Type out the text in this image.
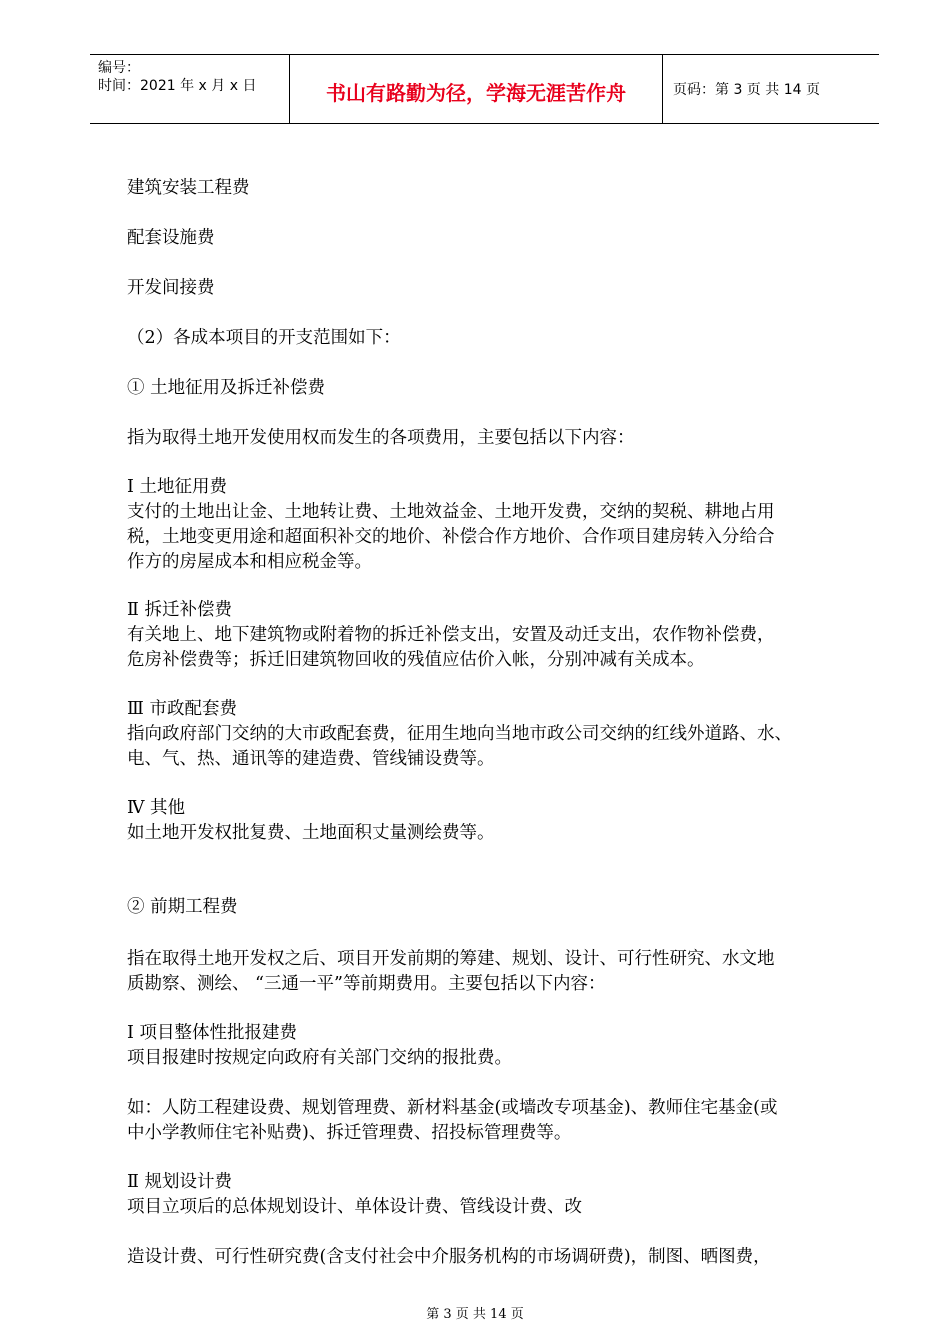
编号：
时间：2021 年 x 月 x 日	书山有路勤为径，学海无涯苦作舟	页码：第 3 页 共 14 页
建筑安装工程费
配套设施费
开发间接费
（2）各成本项目的开支范围如下：
① 土地征用及拆迁补偿费
指为取得土地开发使用权而发生的各项费用，主要包括以下内容：
I 土地征用费
支付的土地出让金、土地转让费、土地效益金、土地开发费，交纳的契税、耕地占用
税，土地变更用途和超面积补交的地价、补偿合作方地价、合作项目建房转入分给合
作方的房屋成本和相应税金等。
Ⅱ 拆迁补偿费
有关地上、地下建筑物或附着物的拆迁补偿支出，安置及动迁支出，农作物补偿费，
危房补偿费等；拆迁旧建筑物回收的残值应估价入帐，分别冲减有关成本。
Ⅲ 市政配套费
指向政府部门交纳的大市政配套费，征用生地向当地市政公司交纳的红线外道路、水、
电、气、热、通讯等的建造费、管线铺设费等。
Ⅳ 其他
如土地开发权批复费、土地面积丈量测绘费等。
② 前期工程费
指在取得土地开发权之后、项目开发前期的筹建、规划、设计、可行性研究、水文地
质勘察、测绘、 “三通一平”等前期费用。主要包括以下内容：
I 项目整体性批报建费
项目报建时按规定向政府有关部门交纳的报批费。
如：人防工程建设费、规划管理费、新材料基金(或墙改专项基金)、教师住宅基金(或
中小学教师住宅补贴费)、拆迁管理费、招投标管理费等。
Ⅱ 规划设计费
项目立项后的总体规划设计、单体设计费、管线设计费、改
造设计费、可行性研究费(含支付社会中介服务机构的市场调研费)，制图、晒图费，
第 3 页 共 14 页
